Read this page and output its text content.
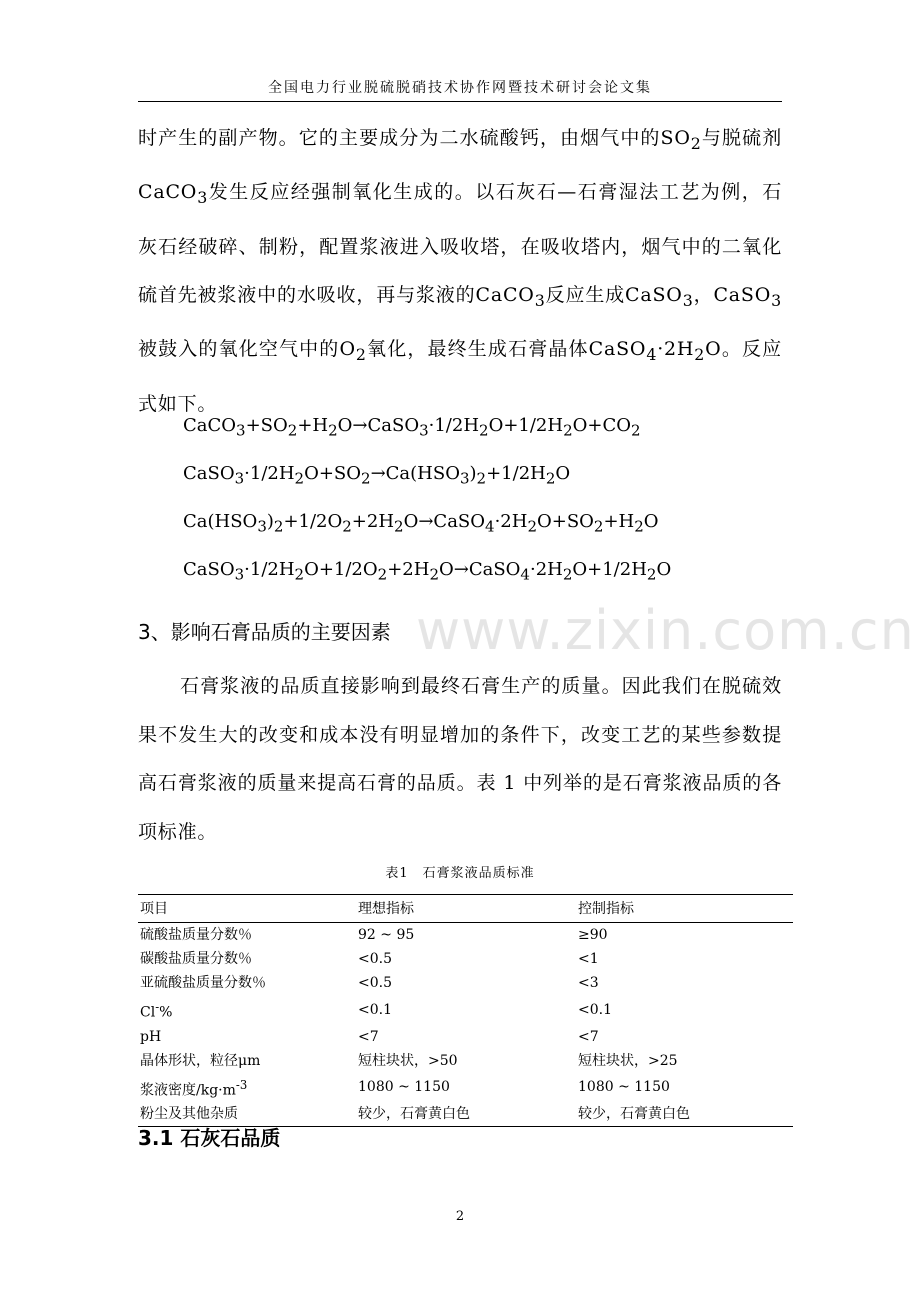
全国电力行业脱硫脱硝技术协作网暨技术研讨会论文集

时产生的副产物。它的主要成分为二水硫酸钙，由烟气中的$SO_2$与脱硫剂CaCO$_3$发生反应经强制氧化生成的。以石灰石—石膏湿法工艺为例，石灰石经破碎、制粉，配置浆液进入吸收塔，在吸收塔内，烟气中的二氧化硫首先被浆液中的水吸收，再与浆液的CaCO$_3$反应生成CaSO$_3$，CaSO$_3$被鼓入的氧化空气中的$O_2$氧化，最终生成石膏晶体$CaSO_4\cdot 2H_2O$。反应式如下。

$CaCO_3+SO_2+H_2O\to CaSO_3\cdot 1/2H_2O+1/2H_2O+CO_2$
$CaSO_3\cdot 1/2H_2O+SO_2\to Ca(HSO_3)_2+1/2H_2O$
$Ca(HSO_3)_2+1/2O_2+2H_2O\to CaSO_4\cdot 2H_2O+SO_2+H_2O$
$CaSO_3\cdot 1/2H_2O+1/2O_2+2H_2O\to CaSO_4\cdot 2H_2O+1/2H_2O$
3、影响石膏品质的主要因素 www.zixin.com.cn

石膏浆液的品质直接影响到最终石膏生产的质量。因此我们在脱硫效果不发生大的改变和成本没有明显增加的条件下，改变工艺的某些参数提高石膏浆液的质量来提高石膏的品质。表 1 中列举的是石膏浆液品质的各项标准。

表1　石膏浆液品质标准
项目	理想指标	控制指标
硫酸盐质量分数％	92 ~ 95	≥90
碳酸盐质量分数％	<0.5	<1
亚硫酸盐质量分数％	<0.5	<3
Cl-%	<0.1	<0.1
pH	<7	<7
晶体形状，粒径μm	短柱块状，>50	短柱块状，>25
浆液密度$/kg\cdot m^{-3}$	1080 ~ 1150	1080 ~ 1150
粉尘及其他杂质	较少，石膏黄白色	较少，石膏黄白色
3.1 石灰石品质
2
